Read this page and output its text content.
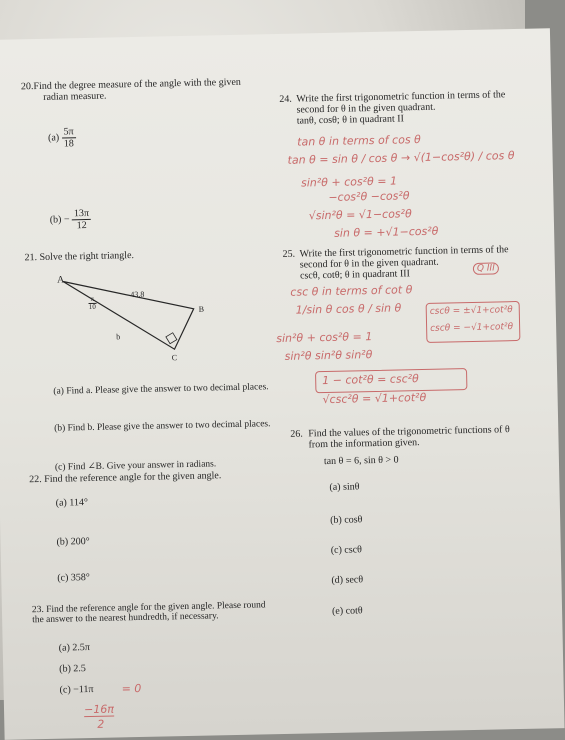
20.Find the degree measure of the angle with the given
radian measure.
$(a) \frac{5\pi}{18}$
$(b) - \frac{13\pi}{12}$
21. Solve the right triangle.
A
B
C
b
43.8
$\frac{\pi}{10}$
(a) Find a. Please give the answer to two decimal places.
(b) Find b. Please give the answer to two decimal places.
(c) Find ∠B. Give your answer in radians.
22. Find the reference angle for the given angle.
(a) 114°
(b) 200°
(c) 358°
23. Find the reference angle for the given angle. Please round the answer to the nearest hundredth, if necessary.
(a) 2.5π
(b) 2.5
(c) −11π	= 0
−16π
2
24. Write the first trigonometric function in terms of the second for θ in the given quadrant.
tanθ, cosθ; θ in quadrant II
tan θ in terms of cos θ
tan θ = sin θ / cos θ → √(1−cos²θ) / cos θ
sin²θ + cos²θ = 1
−cos²θ −cos²θ
√sin²θ = √1−cos²θ
sin θ = +√1−cos²θ
25. Write the first trigonometric function in terms of the second for θ in the given quadrant.
cscθ, cotθ; θ in quadrant III	Q III
csc θ in terms of cot θ
1/sin θ cos θ / sin θ	cscθ = ±√1+cot²θ
cscθ = −√1+cot²θ
sin²θ + cos²θ = 1
sin²θ sin²θ sin²θ
1 − cot²θ = csc²θ
√csc²θ = √1+cot²θ
26. Find the values of the trigonometric functions of θ from the information given.
tan θ = 6, sin θ > 0
(a) sinθ
(b) cosθ
(c) cscθ
(d) secθ
(e) cotθ
